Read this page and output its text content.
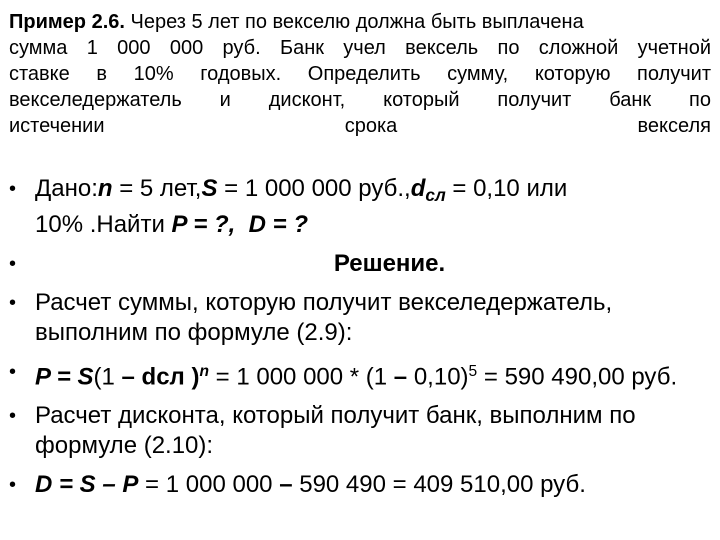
Пример 2.6. Через 5 лет по векселю должна быть выплачена
сумма 1 000 000 руб. Банк учел вексель по сложной учетной
ставке в 10% годовых. Определить сумму, которую получит
векселедержатель и дисконт, который получит банк по
истечении срока векселя
• Дано:n = 5 лет,S = 1 000 000 $руб.,d_{сл} = 0,10$ или
10% .Найти P = ?, D = ?
•	Решение.
• Расчет суммы, которую получит векселедержатель, выполним по формуле (2.9):
• P = S(1 – dсл )$^n$ = 1 000 000 * (1 – 0,10)$^5$ = 590 490,00 руб.
• Расчет дисконта, который получит банк, выполним по формуле (2.10):
• D = S – P = 1 000 000 – 590 490 = 409 510,00 руб.
